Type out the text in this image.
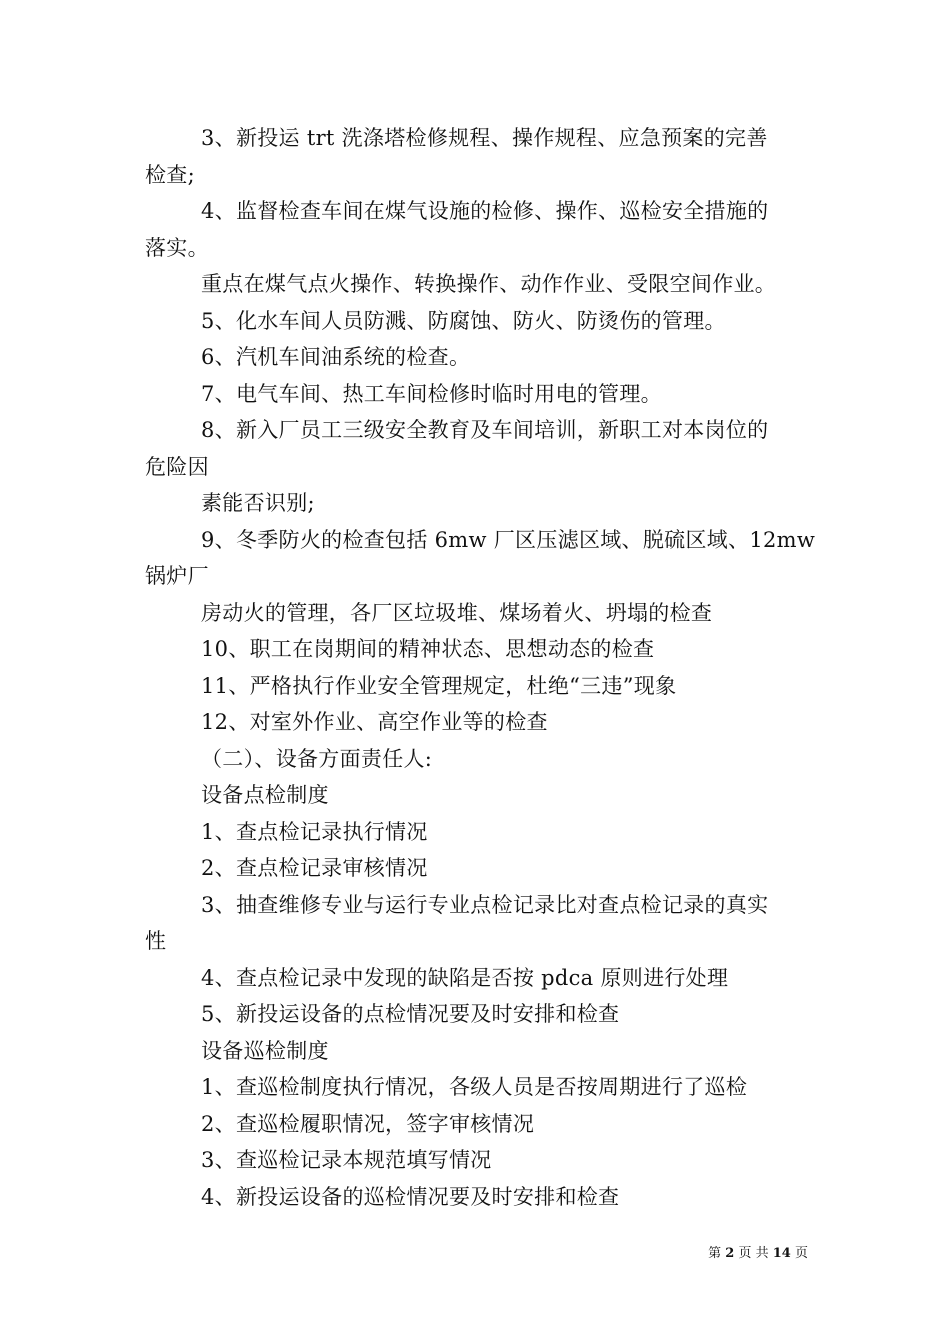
3、新投运 trt 洗涤塔检修规程、操作规程、应急预案的完善
检查;
4、监督检查车间在煤气设施的检修、操作、巡检安全措施的
落实。
重点在煤气点火操作、转换操作、动作作业、受限空间作业。
5、化水车间人员防溅、防腐蚀、防火、防烫伤的管理。
6、汽机车间油系统的检查。
7、电气车间、热工车间检修时临时用电的管理。
8、新入厂员工三级安全教育及车间培训，新职工对本岗位的
危险因
素能否识别;
9、冬季防火的检查包括 6mw 厂区压滤区域、脱硫区域、12mw
锅炉厂
房动火的管理，各厂区垃圾堆、煤场着火、坍塌的检查
10、职工在岗期间的精神状态、思想动态的检查
11、严格执行作业安全管理规定，杜绝“三违”现象
12、对室外作业、高空作业等的检查
（二）、设备方面责任人:
设备点检制度
1、查点检记录执行情况
2、查点检记录审核情况
3、抽查维修专业与运行专业点检记录比对查点检记录的真实
性
4、查点检记录中发现的缺陷是否按 pdca 原则进行处理
5、新投运设备的点检情况要及时安排和检查
设备巡检制度
1、查巡检制度执行情况，各级人员是否按周期进行了巡检
2、查巡检履职情况，签字审核情况
3、查巡检记录本规范填写情况
4、新投运设备的巡检情况要及时安排和检查
第 2 页 共 14 页
